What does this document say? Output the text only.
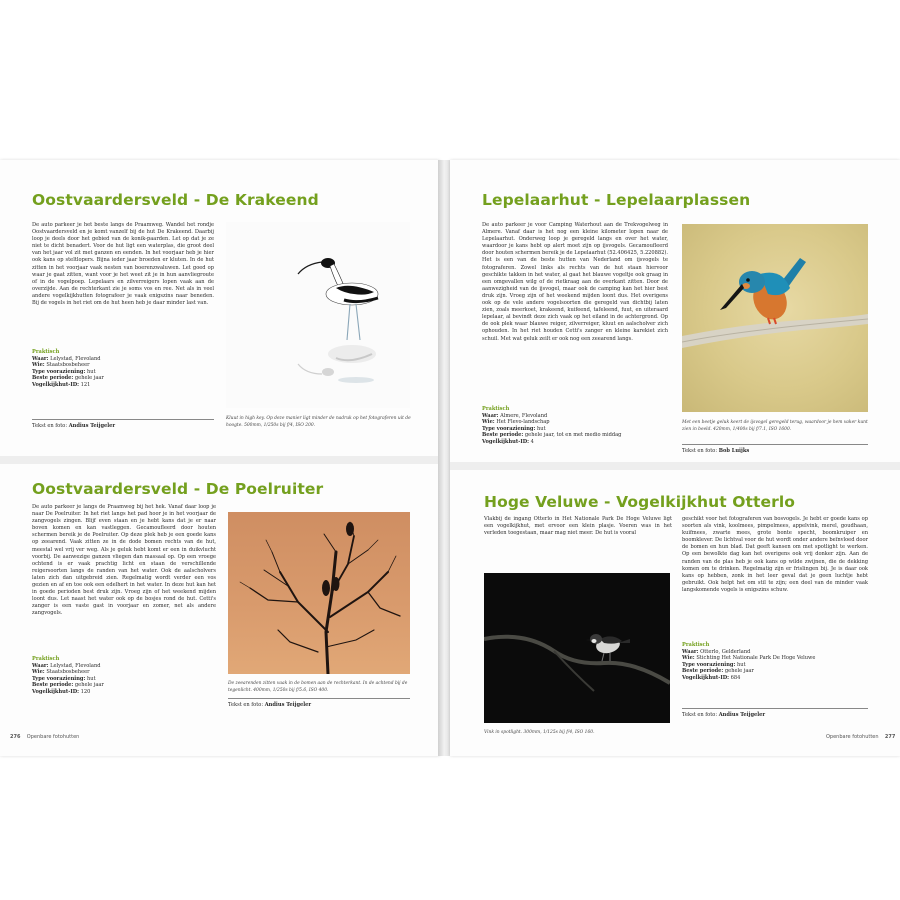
Oostvaardersveld - De Krakeend

De auto parkeer je het beste langs de Praamweg. Wandel het rondje Oostvaardersveld en je komt vanzelf bij de hut De Krakeend. Daarbij loop je deels door het gebied van de konik-paarden. Let op dat je ze niet te dicht benadert. Voor de hut ligt een waterplas, die groot deel van het jaar vol zit met ganzen en eenden. In het voorjaar heb je hier ook kans op steltlopers. Bijna ieder jaar broeden er kluten. In de hut zitten in het voorjaar vaak nesten van boerenzwaluwen. Let goed op waar je gaat zitten, want voor je het weet zit je in hun aanvliegroute of in de vogelpoep. Lepelaars en zilverreigers lopen vaak aan de overzijde. Aan de rechterkant zie je soms vos en ree. Net als in veel andere vogelkijkhutten fotografeer je vaak enigszins naar beneden. Bij de vogels in het riet om de hut heen heb je daar minder last van.

Praktisch
Waar: Lelystad, Flevoland
Wie: Staatsbosbeheer
Type vooraziening: hut
Beste periode: gehele jaar
Vogelkijkhut-ID: 121
Tekst en foto: Andius Teijgeler

Kluut in high key. Op deze manier ligt minder de nadruk op het fotograferen uit de hoogte. 500mm, 1/250s bij f/4, ISO 200.

Oostvaardersveld - De Poelruiter

De auto parkeer je langs de Praamweg bij het hek. Vanaf daar loop je naar De Poelruiter. In het riet langs het pad hoor je in het voorjaar de zangvogels zingen. Blijf even staan en je hebt kans dat je er naar boven komen en kan vastleggen. Gecamoufleerd door houten schermen bereik je de Poelruiter. Op deze plek heb je een goede kans op zeearend. Vaak zitten ze in de dode bomen rechts van de hut, meestal wel vrij ver weg. Als je geluk hebt komt er een in duikvlucht voorbij. De aanwezige ganzen vliegen dan massaal op. Op een vroege ochtend is er vaak prachtig licht en staan de verschillende reigersoorten langs de randen van het water. Ook de aalscholvers laten zich dan uitgebreid zien. Regelmatig wordt verder een vos gezien en af en toe ook een edelhert in het water. In deze hut kan het in goede perioden best druk zijn. Vroeg zijn of het weekend mijden loont dus. Let naast het water ook op de bosjes rond de hut. Cetti's zanger is een vaste gast in voorjaar en zomer, net als andere zangvogels.

Praktisch
Waar: Lelystad, Flevoland
Wie: Staatsbosbeheer
Type vooraziening: hut
Beste periode: gehele jaar
Vogelkijkhut-ID: 120

De zeearenden zitten vaak in de bomen aan de rechterkant. In de achtend bij de tegenlicht. 400mm, 1/250s bij f/5.6, ISO 400.

Tekst en foto: Andius Teijgeler
Lepelaarhut - Lepelaarplassen

De auto parkeer je voor Camping Waterhout aan de Trekvogelweg in Almere. Vanaf daar is het nog een kleine kilometer lopen naar de Lepelaarhut. Onderweg loop je geregeld langs en over het water, waardoor je kans hebt op alert moet zijn op ijsvogels. Gecamoufleerd door houten schermen bereik je de Lepelaarhut (52.406425, 5.220882). Het is een van de beste hutten van Nederland om ijsvogels te fotograferen. Zowel links als rechts van de hut staan hiervoor geschikte takken in het water, al gaat het blauwe vogeltje ook graag in een omgevallen wilg of de rietkraag aan de overkant zitten. Door de aanwezigheid van de ijsvogel, maar ook de camping kan het hier best druk zijn. Vroeg zijn of het weekend mijden loont dus. Het overigens ook op de vele andere vogelsoorten die geregeld van dichtbij laten zien, zoals meerkoet, krakeend, kuifeend, tafeleend, fuut, en uiteraard lepelaar, al bevindt deze zich vaak op het eiland in de achtergrond. Op de ook plek waar blauwe reiger, zilverreiger, kluut en aalscholver zich ophouden. In het riet houden Cetti's zanger en kleine karekiet zich schuil. Met wat geluk zeilt er ook nog een zeearend langs.

Praktisch
Waar: Almere, Flevoland
Wie: Het Flevo-landschap
Type vooraziening: hut
Beste periode: gehele jaar, tot en met medio middag
Vogelkijkhut-ID: 4

Met een beetje geluk keert de ijsvogel geregeld terug, waardoor je hem vaker kunt zien in beeld. 420mm, 1/400s bij f/7.1, ISO 1600.

Tekst en foto: Bob Luijks
Hoge Veluwe - Vogelkijkhut Otterlo

Vlakbij de ingang Otterlo in Het Nationale Park De Hoge Veluwe ligt een vogelkijkhut, met ervoor een klein plasje. Voeren was in het verleden toegestaan, maar mag niet meer. De hut is vooral

Vink in spotlight. 300mm, 1/125s bij f/4, ISO 160.

geschikt voor het fotograferen van bosvogels. Je hebt er goede kans op soorten als vink, koolmees, pimpelmees, appelvink, merel, goudhaan, kuifmees, zwarte mees, grote bonte specht, boomkruiper en boomklever. De lichtval voor de hut wordt onder andere beïnvloed door de bomen en hun blad. Dat geeft kansen om met spotlight te werken. Op een bewolkte dag kan het overigens ook vrij donker zijn. Aan de randen van de plas heb je ook kans op wilde zwijnen, die de dekking komen om te drinken. Regelmatig zijn er frislingen bij. Je is daar ook kans op hebben, zonk in het leer geval dat je geen luchtje hebt gebruikt. Ook helpt het om stil te zijn; een deel van de minder vaak langskomende vogels is enigszins schuw.

Praktisch
Waar: Otterlo, Gelderland
Wie: Stichting Het Nationale Park De Hoge Veluwe
Type vooraziening: hut
Beste periode: gehele jaar
Vogelkijkhut-ID: 684
Tekst en foto: Andius Teijgeler
276 Openbare fotohutten	Openbare fotohutten 277
